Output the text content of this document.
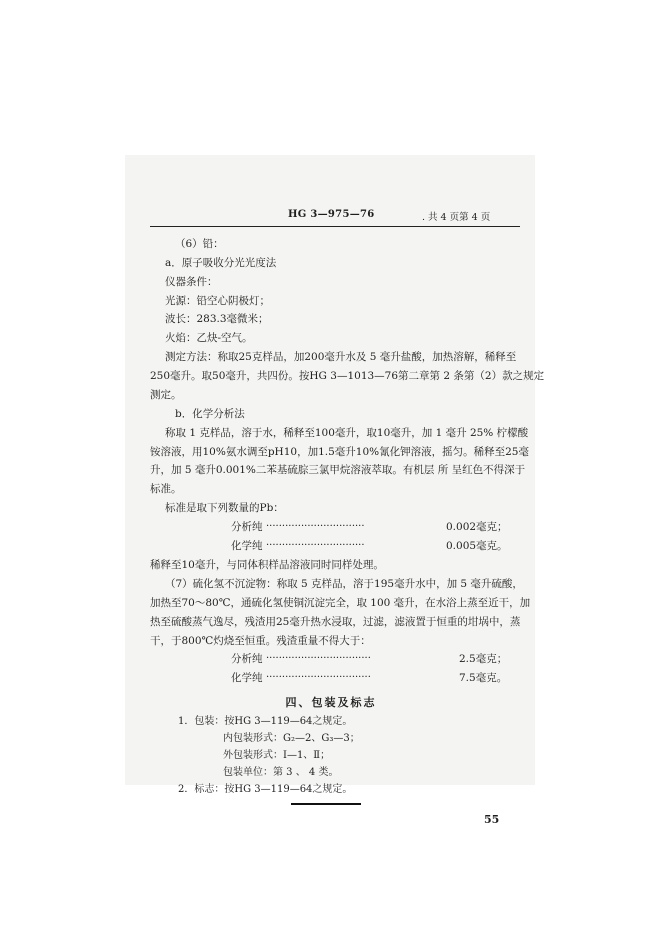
HG 3—975—76	. 共 4 页第 4 页
（6）铅：
a．原子吸收分光光度法
仪器条件：
光源：铅空心阴极灯；
波长：283.3毫微米；
火焰：乙炔-空气。
测定方法：称取25克样品，加200毫升水及 5 毫升盐酸，加热溶解，稀释至
250毫升。取50毫升，共四份。按HG 3—1013—76第二章第 2 条第（2）款之规定
测定。
b．化学分析法
称取 1 克样品，溶于水，稀释至100毫升，取10毫升，加 1 毫升 25% 柠檬酸
铵溶液，用10%氨水调至pH10，加1.5毫升10%氰化钾溶液，摇匀。稀释至25毫
升，加 5 毫升0.001%二苯基硫腙三氯甲烷溶液萃取。有机层 所 呈红色不得深于
标准。
标准是取下列数量的Pb：
分析纯 ·······························	0.002毫克；
化学纯 ·······························	0.005毫克。
稀释至10毫升，与同体积样品溶液同时同样处理。
（7）硫化氢不沉淀物：称取 5 克样品，溶于195毫升水中，加 5 毫升硫酸，
加热至70～80℃，通硫化氢使铜沉淀完全，取 100 毫升，在水浴上蒸至近干，加
热至硫酸蒸气逸尽，残渣用25毫升热水浸取，过滤，滤液置于恒重的坩埚中，蒸
干，于800℃灼烧至恒重。残渣重量不得大于：
分析纯 ·································	2.5毫克；
化学纯 ·································	7.5毫克。
四、包装及标志
1．包装：按HG 3—119—64之规定。
内包装形式：G₂—2、G₃—3；
外包装形式：Ⅰ—1、Ⅱ；
包装单位：第 3 、 4 类。
2．标志：按HG 3—119—64之规定。
55
